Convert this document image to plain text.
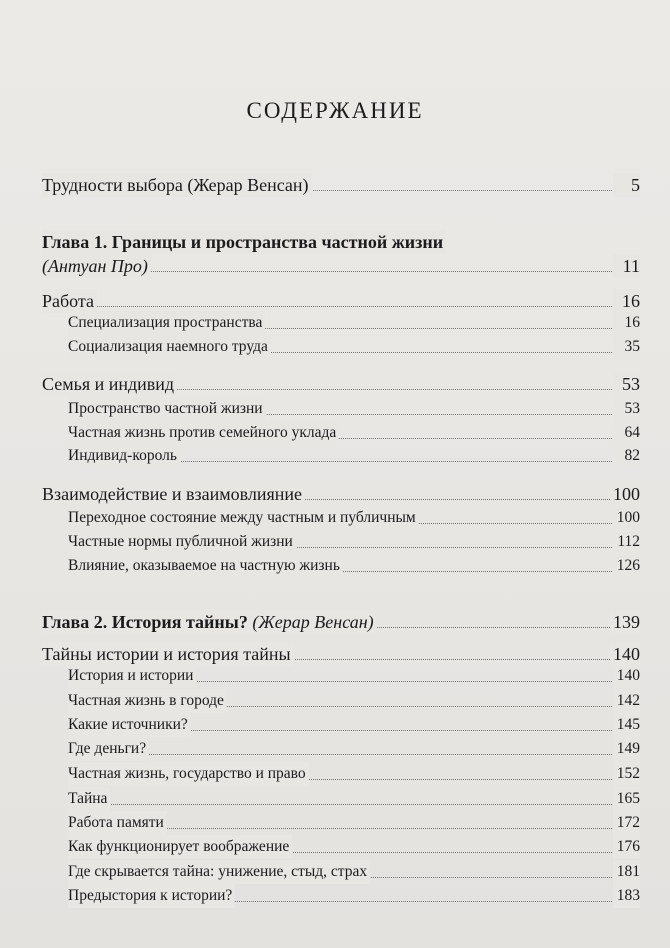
СОДЕРЖАНИЕ
Трудности выбора (Жерар Венсан)	5
Глава 1. Границы и пространства частной жизни
(Антуан Про)	11
Работа	16
Специализация пространства	16
Социализация наемного труда	35
Семья и индивид	53
Пространство частной жизни	53
Частная жизнь против семейного уклада	64
Индивид-король	82
Взаимодействие и взаимовлияние	100
Переходное состояние между частным и публичным	100
Частные нормы публичной жизни	112
Влияние, оказываемое на частную жизнь	126
Глава 2. История тайны? (Жерар Венсан)	139
Тайны истории и история тайны	140
История и истории	140
Частная жизнь в городе	142
Какие источники?	145
Где деньги?	149
Частная жизнь, государство и право	152
Тайна	165
Работа памяти	172
Как функционирует воображение	176
Где скрывается тайна: унижение, стыд, страх	181
Предыстория к истории?	183
